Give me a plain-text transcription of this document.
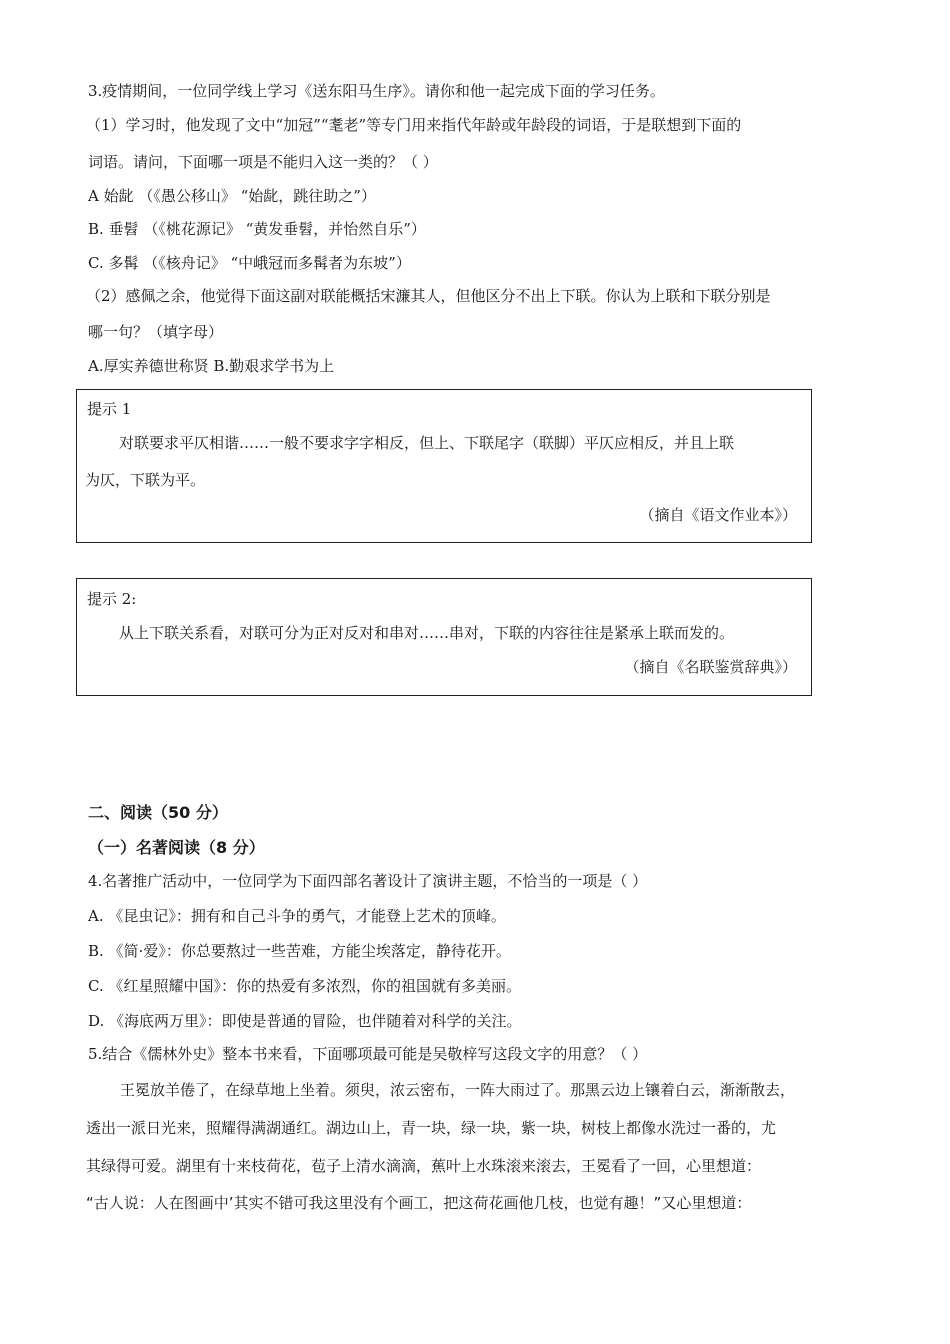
3.疫情期间，一位同学线上学习《送东阳马生序》。请你和他一起完成下面的学习任务。
（1）学习时，他发现了文中“加冠”“耄老”等专门用来指代年龄或年龄段的词语，于是联想到下面的
词语。请问，下面哪一项是不能归入这一类的？（ ）
A 始龀 （《愚公移山》 “始龀，跳往助之”）
B. 垂髫 （《桃花源记》 “黄发垂髫，并怡然自乐”）
C. 多髯 （《核舟记》 “中峨冠而多髯者为东坡”）
（2）感佩之余，他觉得下面这副对联能概括宋濂其人，但他区分不出上下联。你认为上联和下联分别是
哪一句？（填字母）
A.厚实养德世称贤 B.勤艰求学书为上
提示 1
对联要求平仄相谐……一般不要求字字相反，但上、下联尾字（联脚）平仄应相反，并且上联
为仄，下联为平。
（摘自《语文作业本》）
提示 2:
从上下联关系看，对联可分为正对反对和串对……串对，下联的内容往往是紧承上联而发的。
（摘自《名联鉴赏辞典》）
二、阅读（50 分）
（一）名著阅读（8 分）
4.名著推广活动中，一位同学为下面四部名著设计了演讲主题，不恰当的一项是（ ）
A. 《昆虫记》：拥有和自己斗争的勇气，才能登上艺术的顶峰。
B. 《简·爱》：你总要熬过一些苦难，方能尘埃落定，静待花开。
C. 《红星照耀中国》：你的热爱有多浓烈，你的祖国就有多美丽。
D. 《海底两万里》：即使是普通的冒险，也伴随着对科学的关注。
5.结合《儒林外史》整本书来看，下面哪项最可能是吴敬梓写这段文字的用意？（ ）
王冕放羊倦了，在绿草地上坐着。须臾，浓云密布，一阵大雨过了。那黑云边上镶着白云，渐渐散去，
透出一派日光来，照耀得满湖通红。湖边山上，青一块，绿一块，紫一块，树枝上都像水洗过一番的，尤
其绿得可爱。湖里有十来枝荷花，苞子上清水滴滴，蕉叶上水珠滚来滚去，王冕看了一回，心里想道：
“古人说：人在图画中’其实不错可我这里没有个画工，把这荷花画他几枝，也觉有趣！”又心里想道：
